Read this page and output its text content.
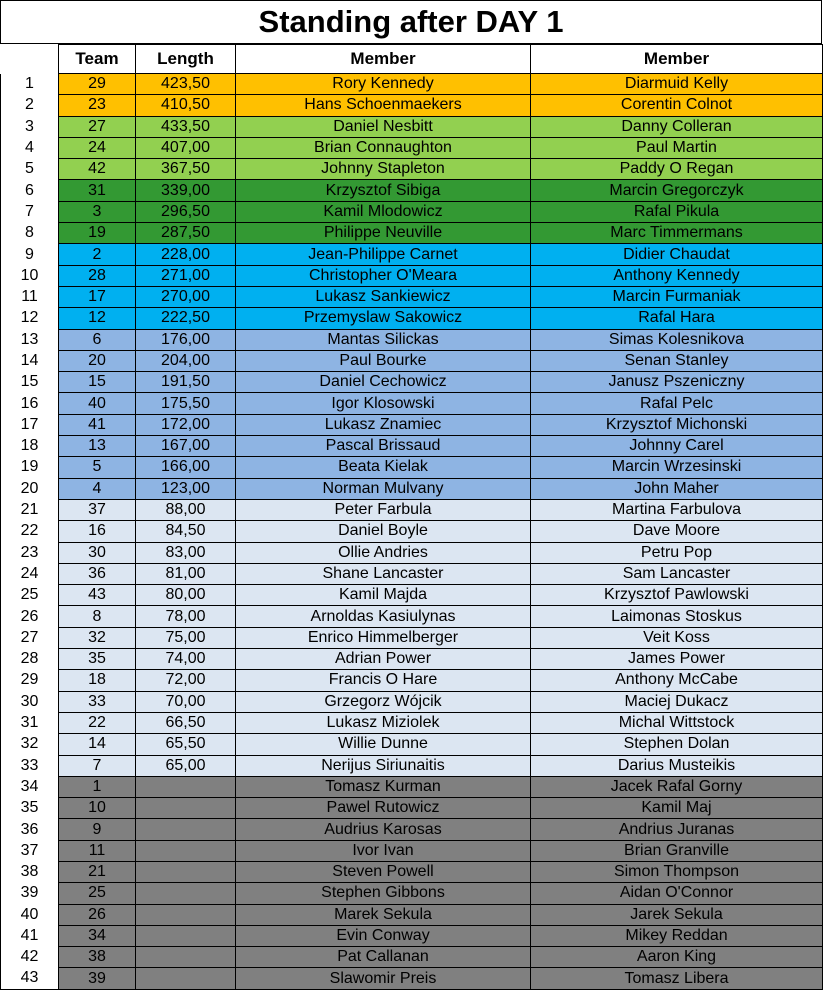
Standing after DAY 1
	Team	Length	Member	Member
1	29	423,50	Rory Kennedy	Diarmuid Kelly
2	23	410,50	Hans Schoenmaekers	Corentin Colnot
3	27	433,50	Daniel Nesbitt	Danny Colleran
4	24	407,00	Brian Connaughton	Paul Martin
5	42	367,50	Johnny Stapleton	Paddy O Regan
6	31	339,00	Krzysztof Sibiga	Marcin Gregorczyk
7	3	296,50	Kamil Mlodowicz	Rafal Pikula
8	19	287,50	Philippe Neuville	Marc Timmermans
9	2	228,00	Jean-Philippe Carnet	Didier Chaudat
10	28	271,00	Christopher O'Meara	Anthony Kennedy
11	17	270,00	Lukasz Sankiewicz	Marcin Furmaniak
12	12	222,50	Przemyslaw Sakowicz	Rafal Hara
13	6	176,00	Mantas Silickas	Simas Kolesnikova
14	20	204,00	Paul Bourke	Senan Stanley
15	15	191,50	Daniel Cechowicz	Janusz Pszeniczny
16	40	175,50	Igor Klosowski	Rafal Pelc
17	41	172,00	Lukasz Znamiec	Krzysztof Michonski
18	13	167,00	Pascal Brissaud	Johnny Carel
19	5	166,00	Beata Kielak	Marcin Wrzesinski
20	4	123,00	Norman Mulvany	John Maher
21	37	88,00	Peter Farbula	Martina Farbulova
22	16	84,50	Daniel Boyle	Dave Moore
23	30	83,00	Ollie Andries	Petru Pop
24	36	81,00	Shane Lancaster	Sam Lancaster
25	43	80,00	Kamil Majda	Krzysztof Pawlowski
26	8	78,00	Arnoldas Kasiulynas	Laimonas Stoskus
27	32	75,00	Enrico Himmelberger	Veit Koss
28	35	74,00	Adrian Power	James Power
29	18	72,00	Francis O Hare	Anthony McCabe
30	33	70,00	Grzegorz Wójcik	Maciej Dukacz
31	22	66,50	Lukasz Miziolek	Michal Wittstock
32	14	65,50	Willie Dunne	Stephen Dolan
33	7	65,00	Nerijus Siriunaitis	Darius Musteikis
34	1		Tomasz Kurman	Jacek Rafal Gorny
35	10		Pawel Rutowicz	Kamil Maj
36	9		Audrius Karosas	Andrius Juranas
37	11		Ivor Ivan	Brian Granville
38	21		Steven Powell	Simon Thompson
39	25		Stephen Gibbons	Aidan O'Connor
40	26		Marek Sekula	Jarek Sekula
41	34		Evin Conway	Mikey Reddan
42	38		Pat Callanan	Aaron King
43	39		Slawomir Preis	Tomasz Libera
